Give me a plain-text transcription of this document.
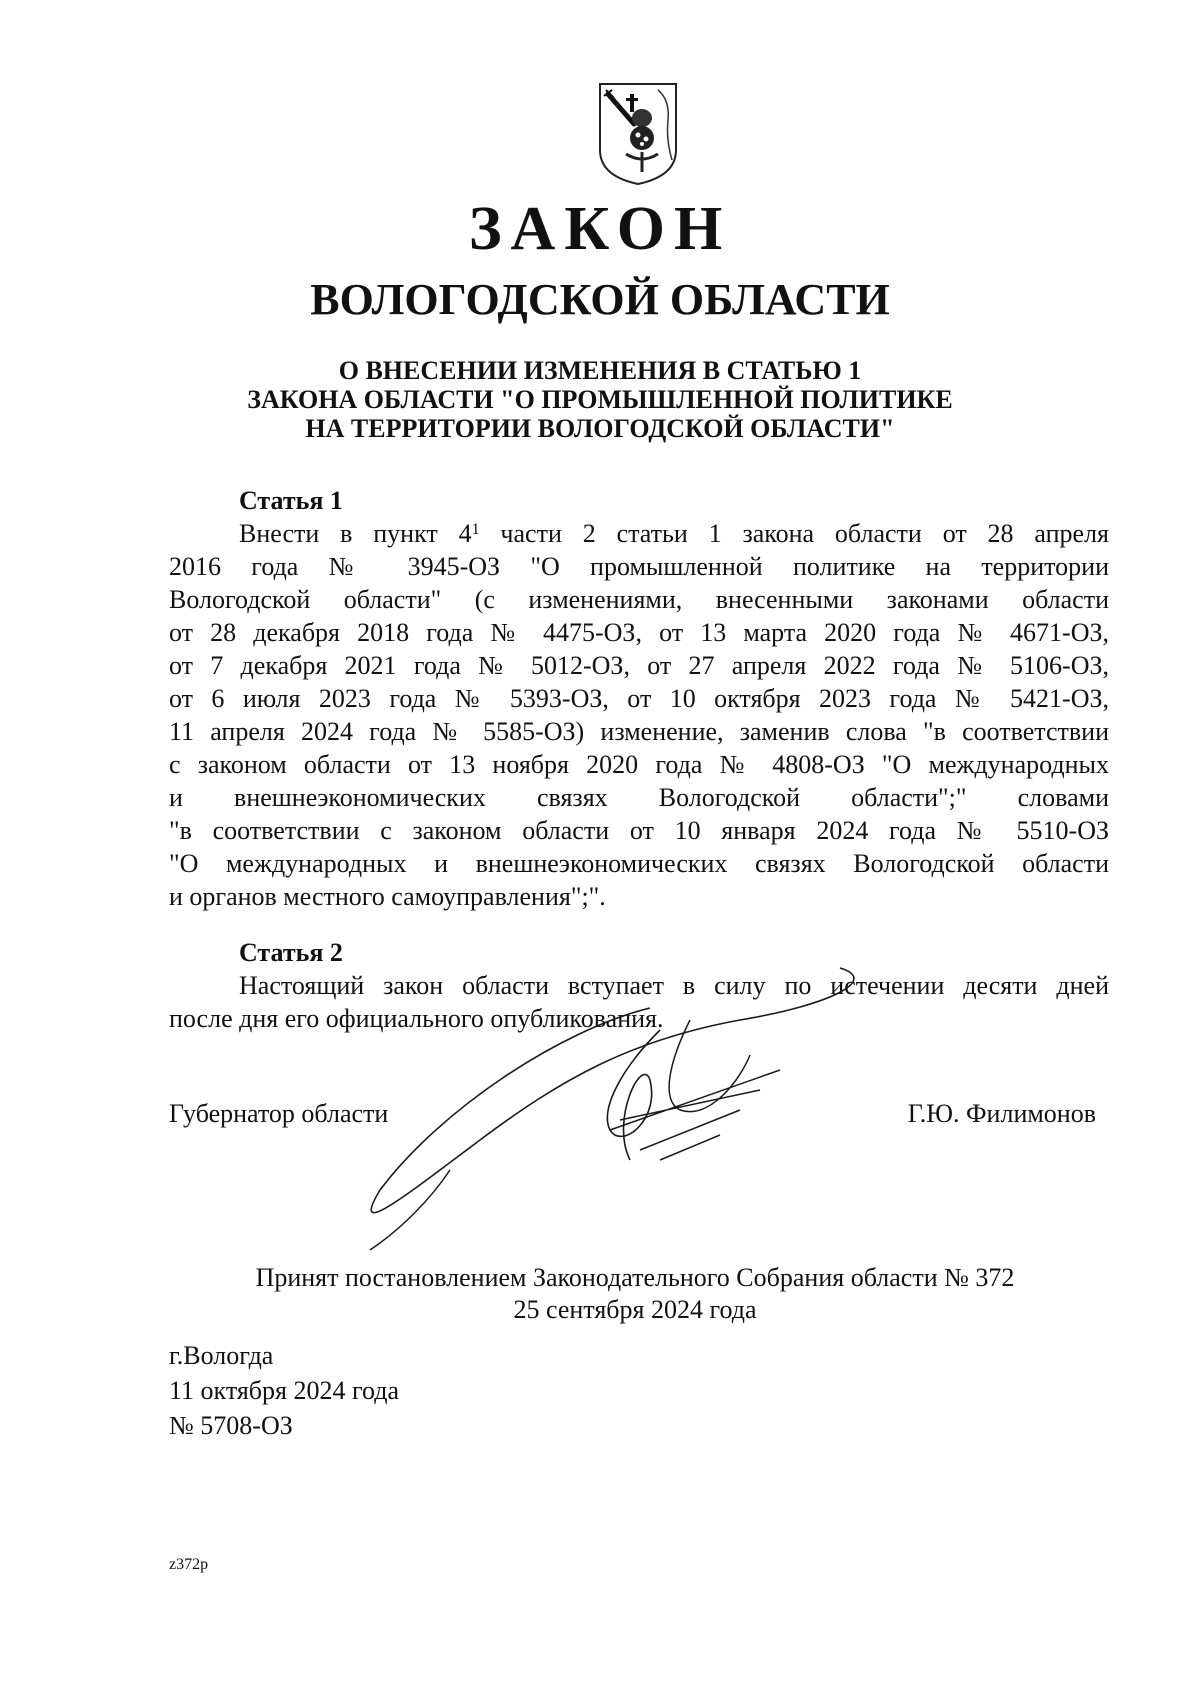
ЗАКОН
ВОЛОГОДСКОЙ ОБЛАСТИ
О ВНЕСЕНИИ ИЗМЕНЕНИЯ В СТАТЬЮ 1
ЗАКОНА ОБЛАСТИ "О ПРОМЫШЛЕННОЙ ПОЛИТИКЕ
НА ТЕРРИТОРИИ ВОЛОГОДСКОЙ ОБЛАСТИ"
Статья 1
Внести в пункт $4^1$ части 2 статьи 1 закона области от 28 апреля
2016 года № 3945-ОЗ "О промышленной политике на территории
Вологодской области" (с изменениями, внесенными законами области
от 28 декабря 2018 года № 4475-ОЗ, от 13 марта 2020 года № 4671-ОЗ,
от 7 декабря 2021 года № 5012-ОЗ, от 27 апреля 2022 года № 5106-ОЗ,
от 6 июля 2023 года № 5393-ОЗ, от 10 октября 2023 года № 5421-ОЗ,
11 апреля 2024 года № 5585-ОЗ) изменение, заменив слова "в соответствии
с законом области от 13 ноября 2020 года № 4808-ОЗ "О международных
и внешнеэкономических связях Вологодской области";" словами
"в соответствии с законом области от 10 января 2024 года № 5510-ОЗ
"О международных и внешнеэкономических связях Вологодской области
и органов местного самоуправления";".
Статья 2
Настоящий закон области вступает в силу по истечении десяти дней
после дня его официального опубликования.
Губернатор области	Г.Ю. Филимонов
Принят постановлением Законодательного Собрания области № 372
25 сентября 2024 года
г.Вологда
11 октября 2024 года
№ 5708-ОЗ
z372p
